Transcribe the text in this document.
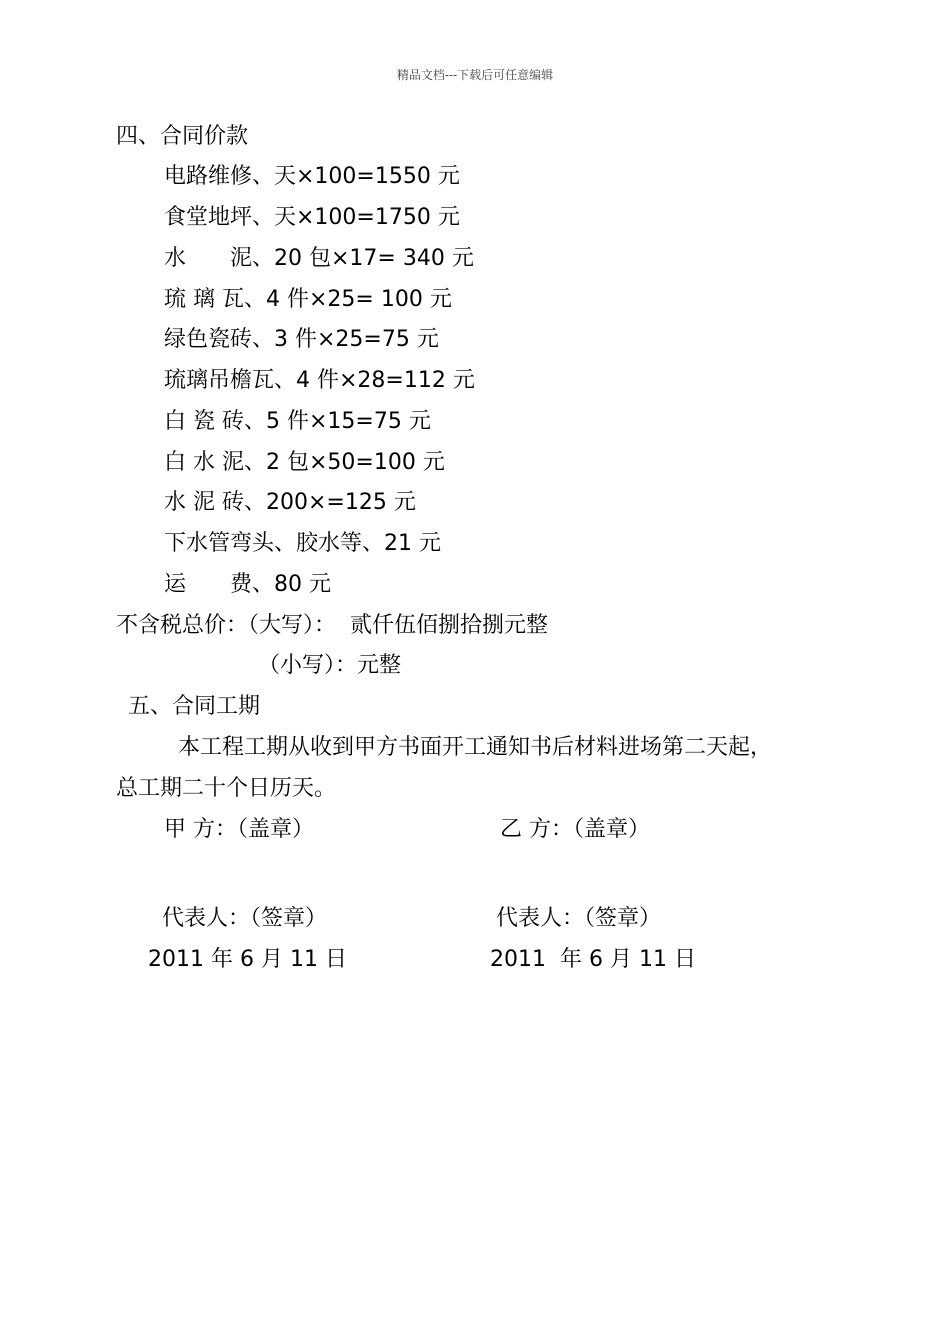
精品文档---下载后可任意编辑
四、合同价款
电路维修、天×100=1550 元
食堂地坪、天×100=1750 元
水　　泥、20 包×17= 340 元
琉 璃 瓦、4 件×25= 100 元
绿色瓷砖、3 件×25=75 元
琉璃吊檐瓦、4 件×28=112 元
白 瓷 砖、5 件×15=75 元
白 水 泥、2 包×50=100 元
水 泥 砖、200×=125 元
下水管弯头、胶水等、21 元
运　　费、80 元
不含税总价：（大写）：  贰仟伍佰捌拾捌元整
（小写）：元整
五、合同工期
本工程工期从收到甲方书面开工通知书后材料进场第二天起，
总工期二十个日历天。
甲 方：（盖章）	乙 方：（盖章）
代表人：（签章）	代表人：（签章）
2011 年 6 月 11 日	2011  年 6 月 11 日
